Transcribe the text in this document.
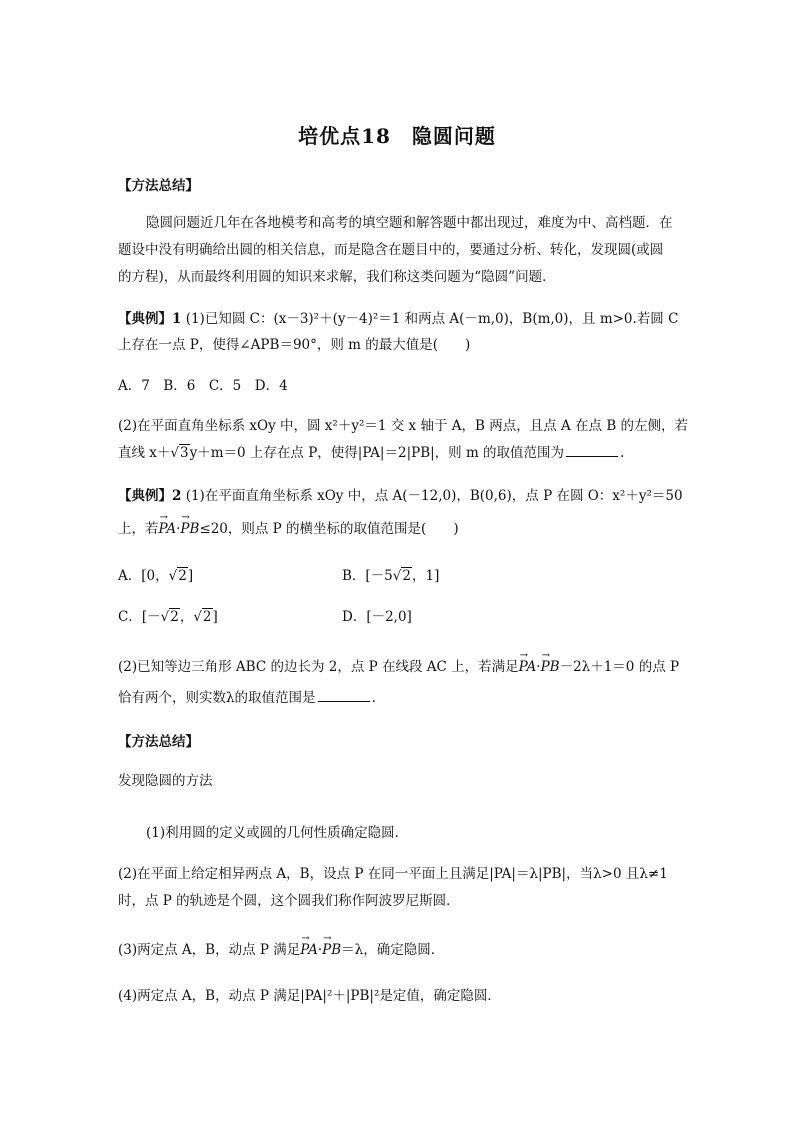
培优点18　隐圆问题
【方法总结】
隐圆问题近几年在各地模考和高考的填空题和解答题中都出现过，难度为中、高档题．在
题设中没有明确给出圆的相关信息，而是隐含在题目中的，要通过分析、转化，发现圆(或圆
的方程)，从而最终利用圆的知识来求解，我们称这类问题为“隐圆”问题．
【典例】1 (1)已知圆 C：(x－3)²＋(y－4)²＝1 和两点 A(－m,0)，B(m,0)，且 m>0.若圆 C
上存在一点 P，使得∠APB＝90°，则 m 的最大值是(　　)
A．7　B．6　C．5　D．4
(2)在平面直角坐标系 xOy 中，圆 x²＋y²＝1 交 x 轴于 A，B 两点，且点 A 在点 B 的左侧，若
直线 x＋√3y＋m＝0 上存在点 P，使得|PA|＝2|PB|，则 m 的取值范围为	.
【典例】2 (1)在平面直角坐标系 xOy 中，点 A(－12,0)，B(0,6)，点 P 在圆 O：x²＋y²＝50
上，若→ PA·→ PB≤20，则点 P 的横坐标的取值范围是(　　)
A．[0，√2]	B．[－5√2，1]
C．[－√2，√2]	D．[－2,0]
(2)已知等边三角形 ABC 的边长为 2，点 P 在线段 AC 上，若满足→ PA·→ PB－2λ＋1＝0 的点 P
恰有两个，则实数λ的取值范围是	.
【方法总结】
发现隐圆的方法
(1)利用圆的定义或圆的几何性质确定隐圆．
(2)在平面上给定相异两点 A，B，设点 P 在同一平面上且满足|PA|＝λ|PB|，当λ>0 且λ≠1
时，点 P 的轨迹是个圆，这个圆我们称作阿波罗尼斯圆．
(3)两定点 A，B，动点 P 满足→ PA·→ PB＝λ，确定隐圆．
(4)两定点 A，B，动点 P 满足|PA|²＋|PB|²是定值，确定隐圆．
